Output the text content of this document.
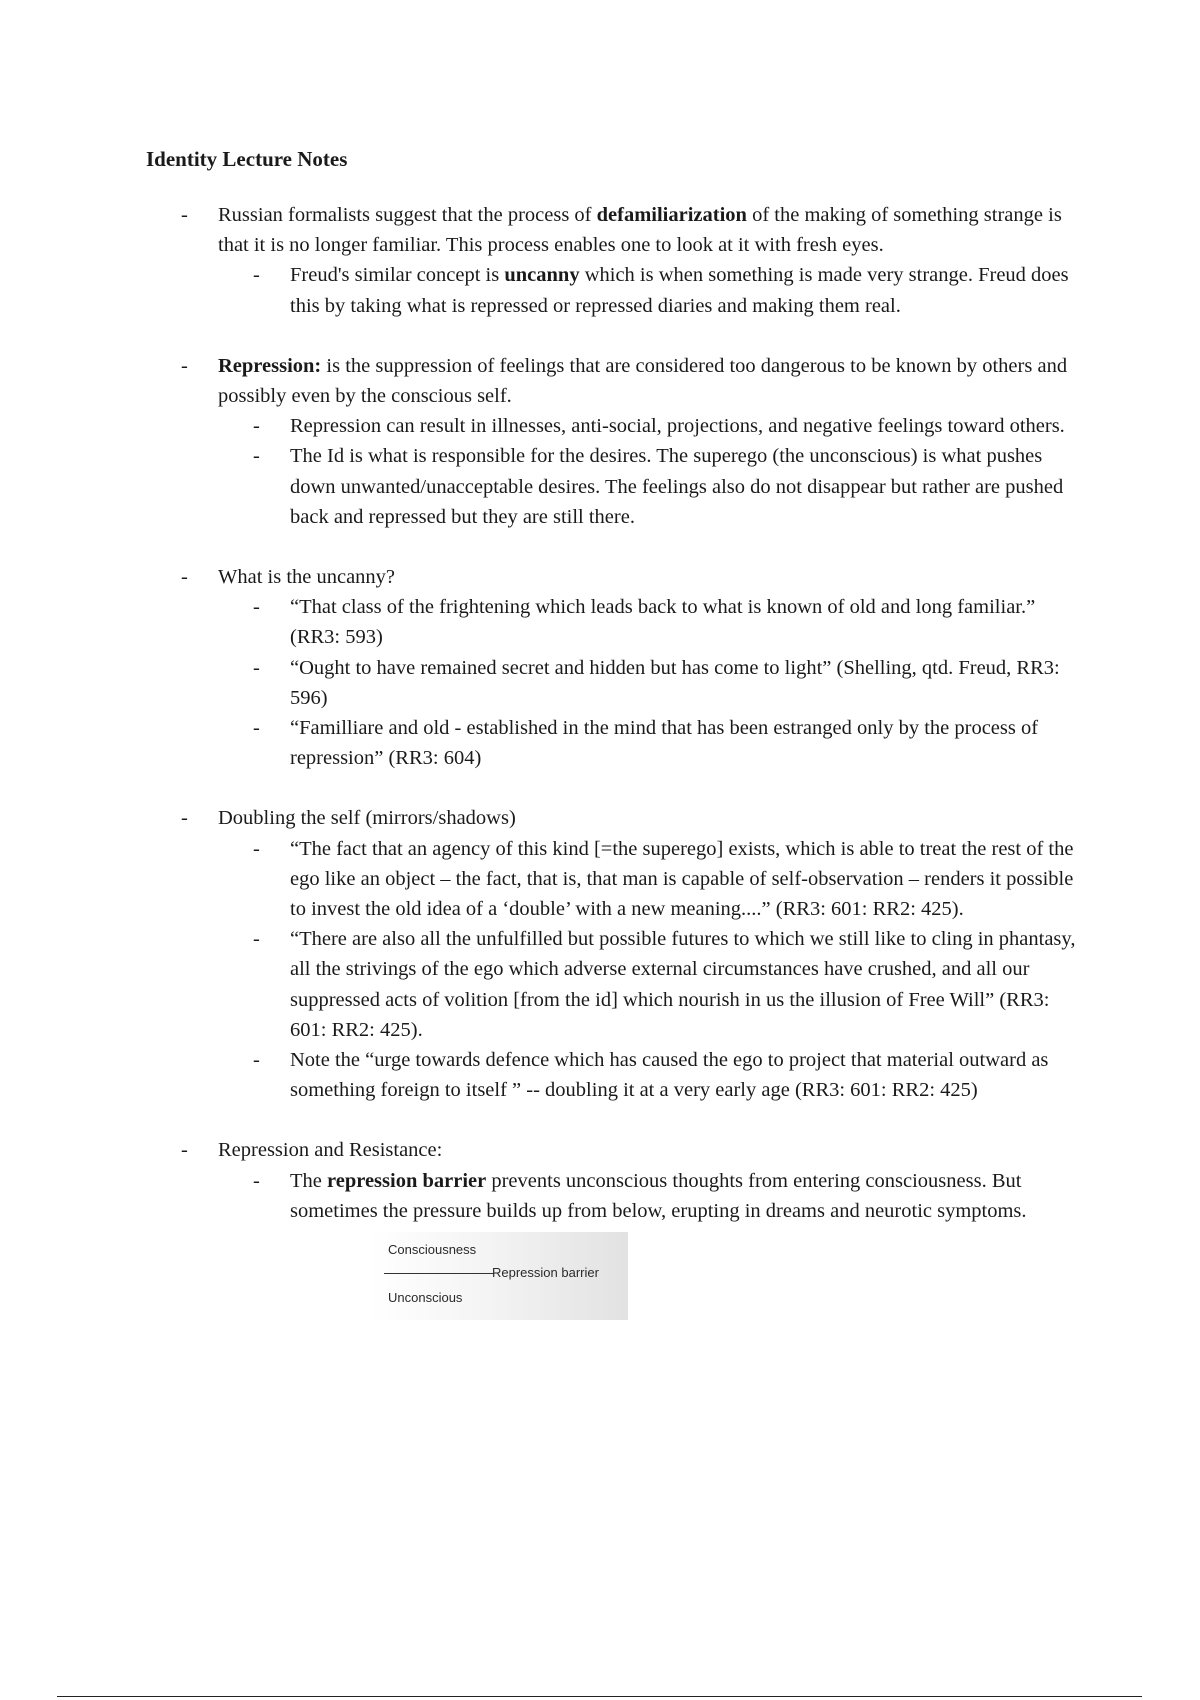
Identity Lecture Notes
- Russian formalists suggest that the process of defamiliarization of the making of something strange is that it is no longer familiar. This process enables one to look at it with fresh eyes.
- Freud's similar concept is uncanny which is when something is made very strange. Freud does this by taking what is repressed or repressed diaries and making them real.
- Repression: is the suppression of feelings that are considered too dangerous to be known by others and possibly even by the conscious self.
- Repression can result in illnesses, anti-social, projections, and negative feelings toward others.
- The Id is what is responsible for the desires. The superego (the unconscious) is what pushes down unwanted/unacceptable desires. The feelings also do not disappear but rather are pushed back and repressed but they are still there.
- What is the uncanny?
- “That class of the frightening which leads back to what is known of old and long familiar.” (RR3: 593)
- “Ought to have remained secret and hidden but has come to light” (Shelling, qtd. Freud, RR3: 596)
- “Familliare and old - established in the mind that has been estranged only by the process of repression” (RR3: 604)
- Doubling the self (mirrors/shadows)
- “The fact that an agency of this kind [=the superego] exists, which is able to treat the rest of the ego like an object – the fact, that is, that man is capable of self-observation – renders it possible to invest the old idea of a ‘double’ with a new meaning....” (RR3: 601: RR2: 425).
- “There are also all the unfulfilled but possible futures to which we still like to cling in phantasy, all the strivings of the ego which adverse external circumstances have crushed, and all our suppressed acts of volition [from the id] which nourish in us the illusion of Free Will” (RR3: 601: RR2: 425).
- Note the “urge towards defence which has caused the ego to project that material outward as something foreign to itself ” -- doubling it at a very early age (RR3: 601: RR2: 425)
- Repression and Resistance:
- The repression barrier prevents unconscious thoughts from entering consciousness. But sometimes the pressure builds up from below, erupting in dreams and neurotic symptoms.
Consciousness
Repression barrier
Unconscious
